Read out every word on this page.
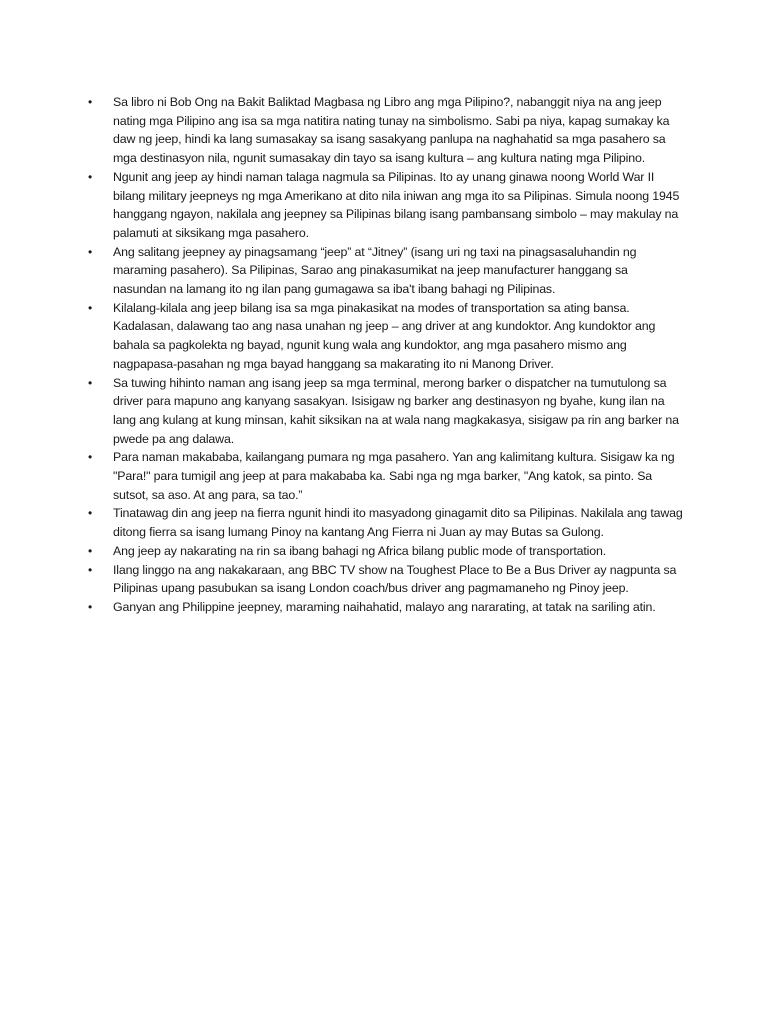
•	Sa libro ni Bob Ong na Bakit Baliktad Magbasa ng Libro ang mga Pilipino?, nabanggit niya na ang jeep nating mga Pilipino ang isa sa mga natitira nating tunay na simbolismo. Sabi pa niya, kapag sumakay ka daw ng jeep, hindi ka lang sumasakay sa isang sasakyang panlupa na naghahatid sa mga pasahero sa mga destinasyon nila, ngunit sumasakay din tayo sa isang kultura – ang kultura nating mga Pilipino.
•	Ngunit ang jeep ay hindi naman talaga nagmula sa Pilipinas. Ito ay unang ginawa noong World War II bilang military jeepneys ng mga Amerikano at dito nila iniwan ang mga ito sa Pilipinas. Simula noong 1945 hanggang ngayon, nakilala ang jeepney sa Pilipinas bilang isang pambansang simbolo – may makulay na palamuti at siksikang mga pasahero.
•	Ang salitang jeepney ay pinagsamang “jeep” at “Jitney” (isang uri ng taxi na pinagsasaluhandin ng maraming pasahero). Sa Pilipinas, Sarao ang pinakasumikat na jeep manufacturer hanggang sa nasundan na lamang ito ng ilan pang gumagawa sa iba't ibang bahagi ng Pilipinas.
•	Kilalang-kilala ang jeep bilang isa sa mga pinakasikat na modes of transportation sa ating bansa. Kadalasan, dalawang tao ang nasa unahan ng jeep – ang driver at ang kundoktor. Ang kundoktor ang bahala sa pagkolekta ng bayad, ngunit kung wala ang kundoktor, ang mga pasahero mismo ang nagpapasa-pasahan ng mga bayad hanggang sa makarating ito ni Manong Driver.
•	Sa tuwing hihinto naman ang isang jeep sa mga terminal, merong barker o dispatcher na tumutulong sa driver para mapuno ang kanyang sasakyan. Isisigaw ng barker ang destinasyon ng byahe, kung ilan na lang ang kulang at kung minsan, kahit siksikan na at wala nang magkakasya, sisigaw pa rin ang barker na pwede pa ang dalawa.
•	Para naman makababa, kailangang pumara ng mga pasahero. Yan ang kalimitang kultura. Sisigaw ka ng "Para!" para tumigil ang jeep at para makababa ka. Sabi nga ng mga barker, "Ang katok, sa pinto. Sa sutsot, sa aso. At ang para, sa tao.”
•	Tinatawag din ang jeep na fierra ngunit hindi ito masyadong ginagamit dito sa Pilipinas. Nakilala ang tawag ditong fierra sa isang lumang Pinoy na kantang Ang Fierra ni Juan ay may Butas sa Gulong.
•	Ang jeep ay nakarating na rin sa ibang bahagi ng Africa bilang public mode of transportation.
•	Ilang linggo na ang nakakaraan, ang BBC TV show na Toughest Place to Be a Bus Driver ay nagpunta sa Pilipinas upang pasubukan sa isang London coach/bus driver ang pagmamaneho ng Pinoy jeep.
•	Ganyan ang Philippine jeepney, maraming naihahatid, malayo ang nararating, at tatak na sariling atin.
